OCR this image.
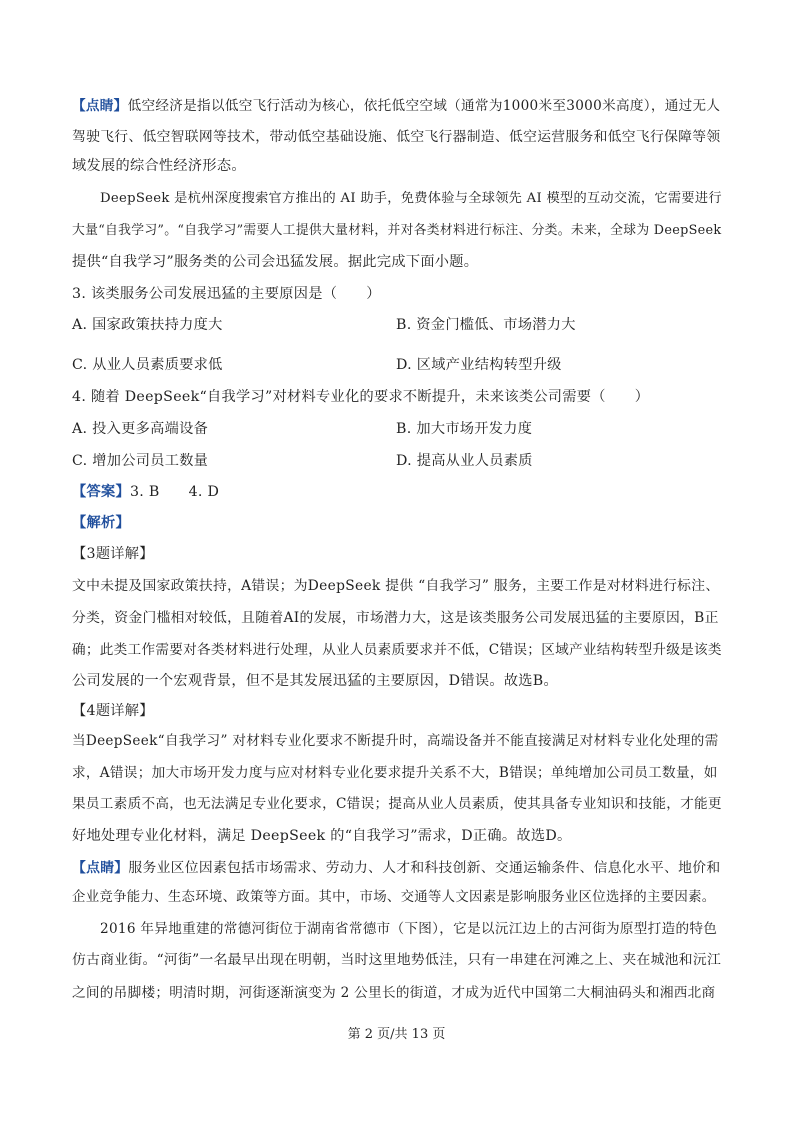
【点睛】低空经济是指以低空飞行活动为核心，依托低空空域（通常为1000米至3000米高度），通过无人
驾驶飞行、低空智联网等技术，带动低空基础设施、低空飞行器制造、低空运营服务和低空飞行保障等领
域发展的综合性经济形态。
DeepSeek 是杭州深度搜索官方推出的 AI 助手，免费体验与全球领先 AI 模型的互动交流，它需要进行
大量“自我学习”。“自我学习”需要人工提供大量材料，并对各类材料进行标注、分类。未来，全球为 DeepSeek
提供“自我学习”服务类的公司会迅猛发展。据此完成下面小题。
3. 该类服务公司发展迅猛的主要原因是（　　）
A. 国家政策扶持力度大	B. 资金门槛低、市场潜力大
C. 从业人员素质要求低	D. 区域产业结构转型升级
4. 随着 DeepSeek“自我学习”对材料专业化的要求不断提升，未来该类公司需要（　　）
A. 投入更多高端设备	B. 加大市场开发力度
C. 增加公司员工数量	D. 提高从业人员素质
【答案】3. B　　4. D
【解析】
【3题详解】
文中未提及国家政策扶持，A错误；为DeepSeek 提供 “自我学习” 服务，主要工作是对材料进行标注、
分类，资金门槛相对较低，且随着AI的发展，市场潜力大，这是该类服务公司发展迅猛的主要原因，B正
确；此类工作需要对各类材料进行处理，从业人员素质要求并不低，C错误；区域产业结构转型升级是该类
公司发展的一个宏观背景，但不是其发展迅猛的主要原因，D错误。故选B。
【4题详解】
当DeepSeek“自我学习” 对材料专业化要求不断提升时，高端设备并不能直接满足对材料专业化处理的需
求，A错误；加大市场开发力度与应对材料专业化要求提升关系不大，B错误；单纯增加公司员工数量，如
果员工素质不高，也无法满足专业化要求，C错误；提高从业人员素质，使其具备专业知识和技能，才能更
好地处理专业化材料，满足 DeepSeek 的“自我学习”需求，D正确。故选D。
【点睛】服务业区位因素包括市场需求、劳动力、人才和科技创新、交通运输条件、信息化水平、地价和
企业竞争能力、生态环境、政策等方面。其中，市场、交通等人文因素是影响服务业区位选择的主要因素。
2016 年异地重建的常德河街位于湖南省常德市（下图），它是以沅江边上的古河街为原型打造的特色
仿古商业街。“河街”一名最早出现在明朝，当时这里地势低洼，只有一串建在河滩之上、夹在城池和沅江
之间的吊脚楼；明清时期，河街逐渐演变为 2 公里长的街道，才成为近代中国第二大桐油码头和湘西北商
第 2 页/共 13 页
